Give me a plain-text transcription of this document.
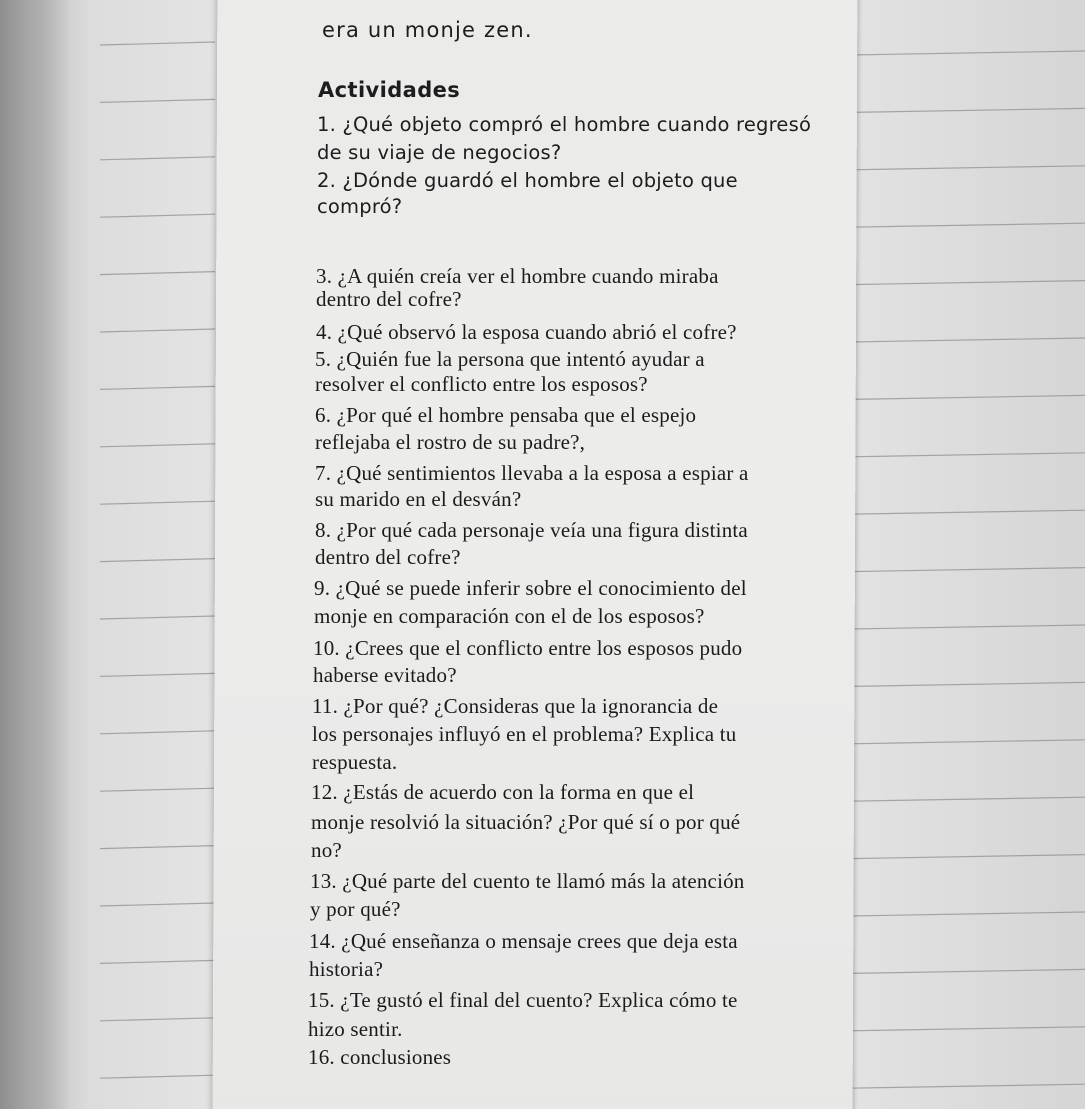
era un monje zen.
Actividades
1. ¿Qué objeto compró el hombre cuando regresó
de su viaje de negocios?
2. ¿Dónde guardó el hombre el objeto que
compró?
3. ¿A quién creía ver el hombre cuando miraba
dentro del cofre?
4. ¿Qué observó la esposa cuando abrió el cofre?
5. ¿Quién fue la persona que intentó ayudar a
resolver el conflicto entre los esposos?
6. ¿Por qué el hombre pensaba que el espejo
reflejaba el rostro de su padre?,
7. ¿Qué sentimientos llevaba a la esposa a espiar a
su marido en el desván?
8. ¿Por qué cada personaje veía una figura distinta
dentro del cofre?
9. ¿Qué se puede inferir sobre el conocimiento del
monje en comparación con el de los esposos?
10. ¿Crees que el conflicto entre los esposos pudo
haberse evitado?
11. ¿Por qué? ¿Consideras que la ignorancia de
los personajes influyó en el problema? Explica tu
respuesta.
12. ¿Estás de acuerdo con la forma en que el
monje resolvió la situación? ¿Por qué sí o por qué
no?
13. ¿Qué parte del cuento te llamó más la atención
y por qué?
14. ¿Qué enseñanza o mensaje crees que deja esta
historia?
15. ¿Te gustó el final del cuento? Explica cómo te
hizo sentir.
16. conclusiones
